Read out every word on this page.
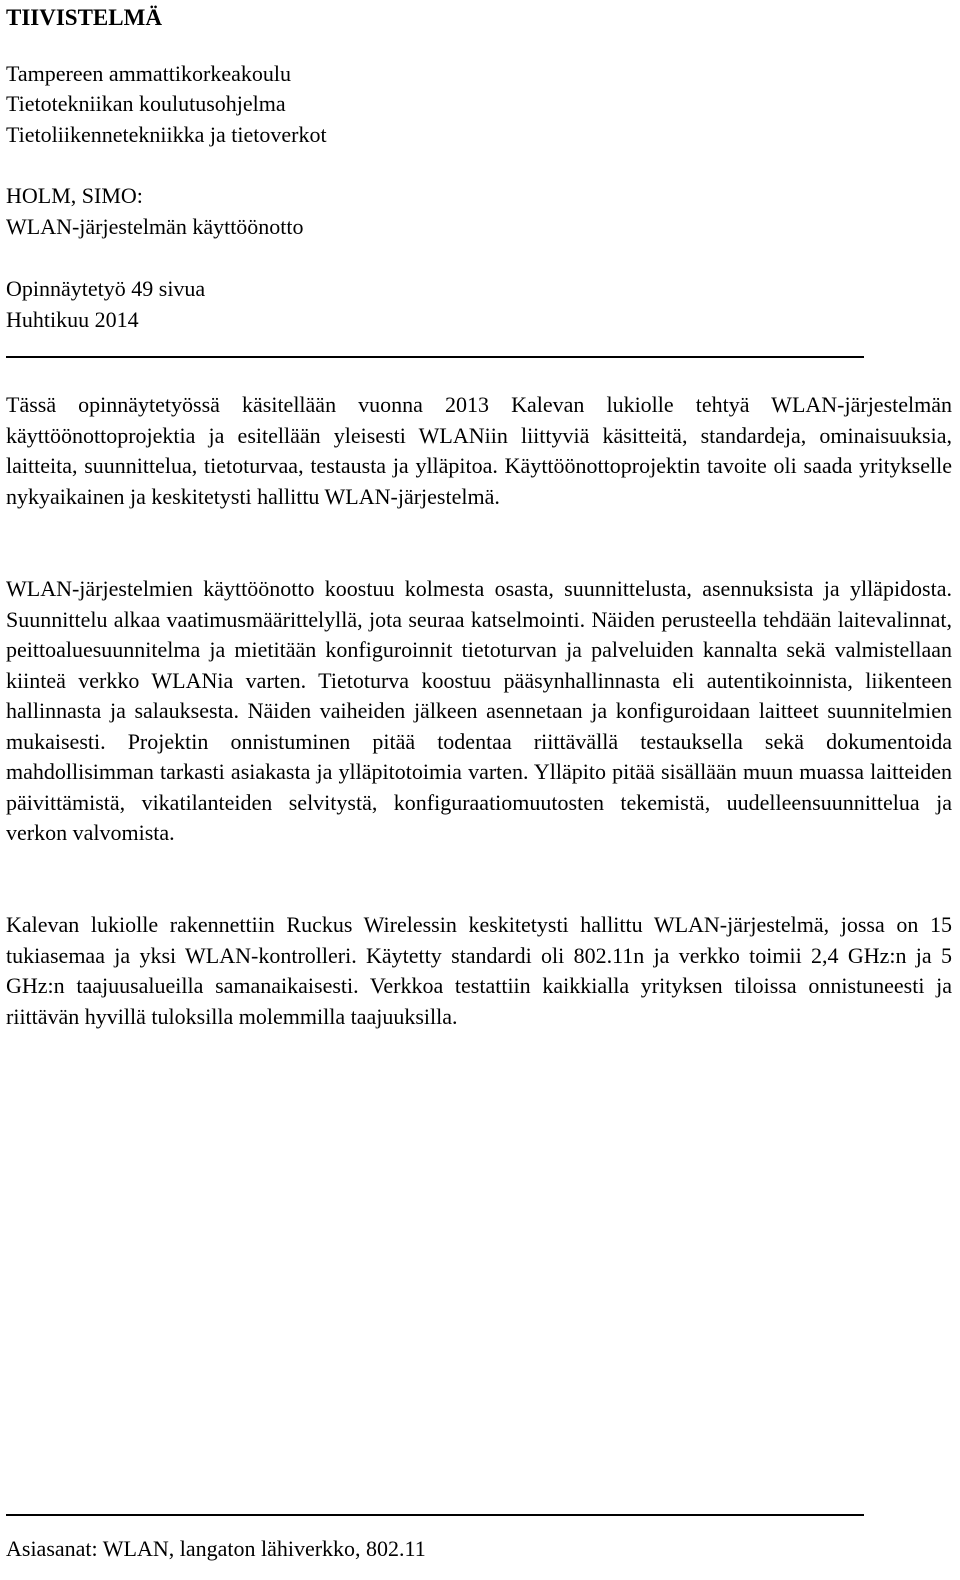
TIIVISTELMÄ
Tampereen ammattikorkeakoulu
Tietotekniikan koulutusohjelma
Tietoliikennetekniikka ja tietoverkot
HOLM, SIMO:
WLAN-järjestelmän käyttöönotto
Opinnäytetyö 49 sivua
Huhtikuu 2014

Tässä opinnäytetyössä käsitellään vuonna 2013 Kalevan lukiolle tehtyä WLAN-järjestelmän käyttöönottoprojektia ja esitellään yleisesti WLANiin liittyviä käsitteitä, standardeja, ominaisuuksia, laitteita, suunnittelua, tietoturvaa, testausta ja ylläpitoa. Käyttöönottoprojektin tavoite oli saada yritykselle nykyaikainen ja keskitetysti hallittu WLAN-järjestelmä.

WLAN-järjestelmien käyttöönotto koostuu kolmesta osasta, suunnittelusta, asennuksista ja ylläpidosta. Suunnittelu alkaa vaatimusmäärittelyllä, jota seuraa katselmointi. Näiden perusteella tehdään laitevalinnat, peittoaluesuunnitelma ja mietitään konfiguroinnit tietoturvan ja palveluiden kannalta sekä valmistellaan kiinteä verkko WLANia varten. Tietoturva koostuu pääsynhallinnasta eli autentikoinnista, liikenteen hallinnasta ja salauksesta. Näiden vaiheiden jälkeen asennetaan ja konfiguroidaan laitteet suunnitelmien mukaisesti. Projektin onnistuminen pitää todentaa riittävällä testauksella sekä dokumentoida mahdollisimman tarkasti asiakasta ja ylläpitotoimia varten. Ylläpito pitää sisällään muun muassa laitteiden päivittämistä, vikatilanteiden selvitystä, konfiguraatiomuutosten tekemistä, uudelleensuunnittelua ja verkon valvomista.

Kalevan lukiolle rakennettiin Ruckus Wirelessin keskitetysti hallittu WLAN-järjestelmä, jossa on 15 tukiasemaa ja yksi WLAN-kontrolleri. Käytetty standardi oli 802.11n ja verkko toimii 2,4 GHz:n ja 5 GHz:n taajuusalueilla samanaikaisesti. Verkkoa testattiin kaikkialla yrityksen tiloissa onnistuneesti ja riittävän hyvillä tuloksilla molemmilla taajuuksilla.

Asiasanat: WLAN, langaton lähiverkko, 802.11
